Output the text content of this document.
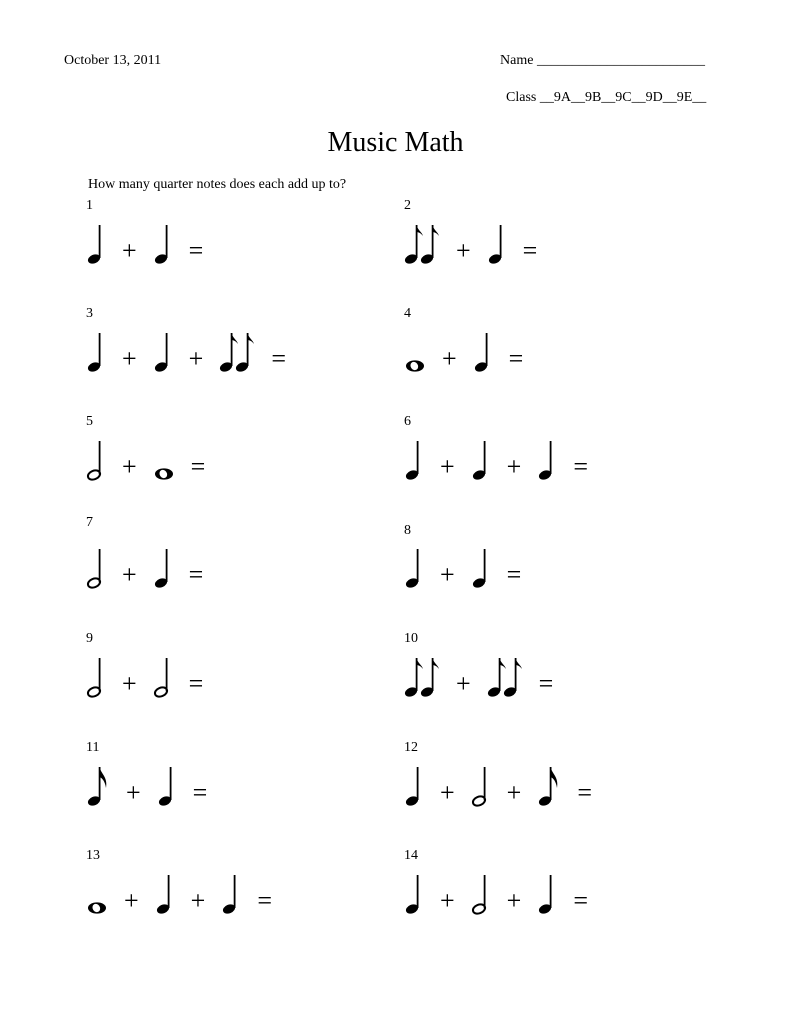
October 13, 2011	Name ________________________
Class __9A__9B__9C__9D__9E__
Music Math
How many quarter notes does each add up to?
1
+ =
2
+ =
3
+ +	=
4
+ =
5
+ =
6
+ + =
7
+ =
8
+ =
9
+ =
10
+	=
11
+ =
12
+ + =
13
+ + =
14
+ + =
